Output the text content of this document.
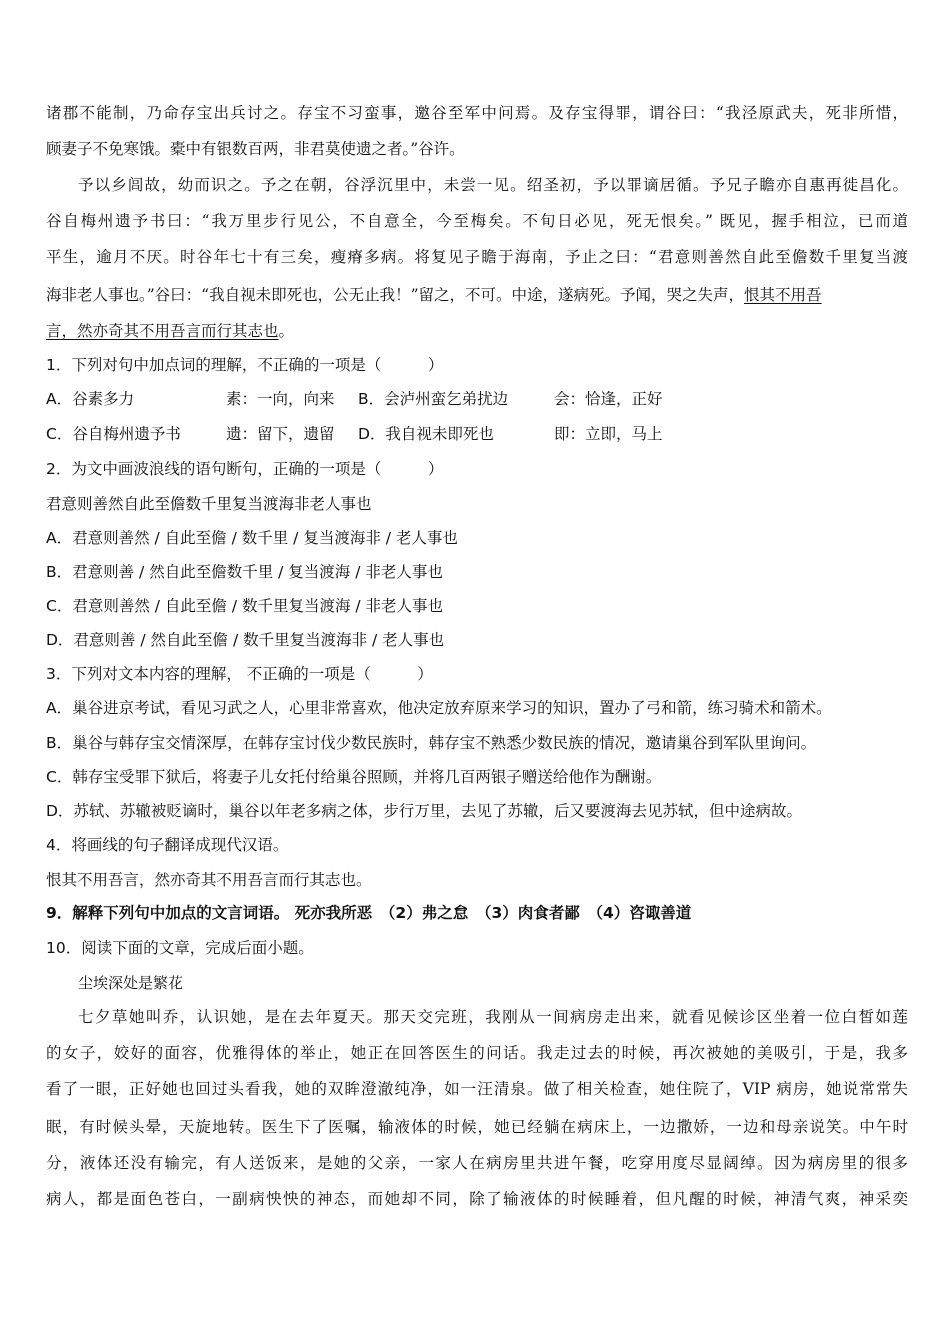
诸郡不能制，乃命存宝出兵讨之。存宝不习蛮事，邀谷至军中问焉。及存宝得罪，谓谷曰：“我泾原武夫，死非所惜，
顾妻子不免寒饿。橐中有银数百两，非君莫使遗之者。”谷许。
予以乡闾故，幼而识之。予之在朝，谷浮沉里中，未尝一见。绍圣初，予以罪谪居循。予兄子瞻亦自惠再徙昌化。
谷自梅州遗予书曰：“我万里步行见公，不自意全，今至梅矣。不旬日必见，死无恨矣。” 既见，握手相泣，已而道
平生，逾月不厌。时谷年七十有三矣，瘦瘠多病。将复见子瞻于海南，予止之曰：“君意则善然自此至儋数千里复当渡
海非老人事也。”谷曰：“我自视未即死也，公无止我！”留之，不可。中途，遂病死。予闻，哭之失声，恨其不用吾
言，然亦奇其不用吾言而行其志也。
1．下列对句中加点词的理解，不正确的一项是（　　　）
A．谷素多力	素：一向，向来 B．会泸州蛮乞弟扰边	会：恰逢，正好
C．谷自梅州遗予书	遗：留下，遗留 D．我自视未即死也	即：立即，马上
2．为文中画波浪线的语句断句，正确的一项是（　　　）
君意则善然自此至儋数千里复当渡海非老人事也
A．君意则善然 / 自此至儋 / 数千里 / 复当渡海非 / 老人事也
B．君意则善 / 然自此至儋数千里 / 复当渡海 / 非老人事也
C．君意则善然 / 自此至儋 / 数千里复当渡海 / 非老人事也
D．君意则善 / 然自此至儋 / 数千里复当渡海非 / 老人事也
3．下列对文本内容的理解， 不正确的一项是（　　　）
A．巢谷进京考试，看见习武之人，心里非常喜欢，他决定放弃原来学习的知识，置办了弓和箭，练习骑术和箭术。
B．巢谷与韩存宝交情深厚，在韩存宝讨伐少数民族时，韩存宝不熟悉少数民族的情况，邀请巢谷到军队里询问。
C．韩存宝受罪下狱后，将妻子儿女托付给巢谷照顾，并将几百两银子赠送给他作为酬谢。
D．苏轼、苏辙被贬谪时，巢谷以年老多病之体，步行万里，去见了苏辙，后又要渡海去见苏轼，但中途病故。
4．将画线的句子翻译成现代汉语。
恨其不用吾言，然亦奇其不用吾言而行其志也。
9．解释下列句中加点的文言词语。 死亦我所恶　（2）弗之怠　（3）肉食者鄙　（4）咨诹善道
10．阅读下面的文章，完成后面小题。
尘埃深处是繁花
七夕草她叫乔，认识她，是在去年夏天。那天交完班，我刚从一间病房走出来，就看见候诊区坐着一位白皙如莲
的女子，姣好的面容，优雅得体的举止，她正在回答医生的问话。我走过去的时候，再次被她的美吸引，于是，我多
看了一眼，正好她也回过头看我，她的双眸澄澈纯净，如一汪清泉。做了相关检查，她住院了，VIP 病房，她说常常失
眠，有时候头晕，天旋地转。医生下了医嘱，输液体的时候，她已经躺在病床上，一边撒娇，一边和母亲说笑。中午时
分，液体还没有输完，有人送饭来，是她的父亲，一家人在病房里共进午餐，吃穿用度尽显阔绰。因为病房里的很多
病人，都是面色苍白，一副病怏怏的神态，而她却不同，除了输液体的时候睡着，但凡醒的时候，神清气爽，神采奕
